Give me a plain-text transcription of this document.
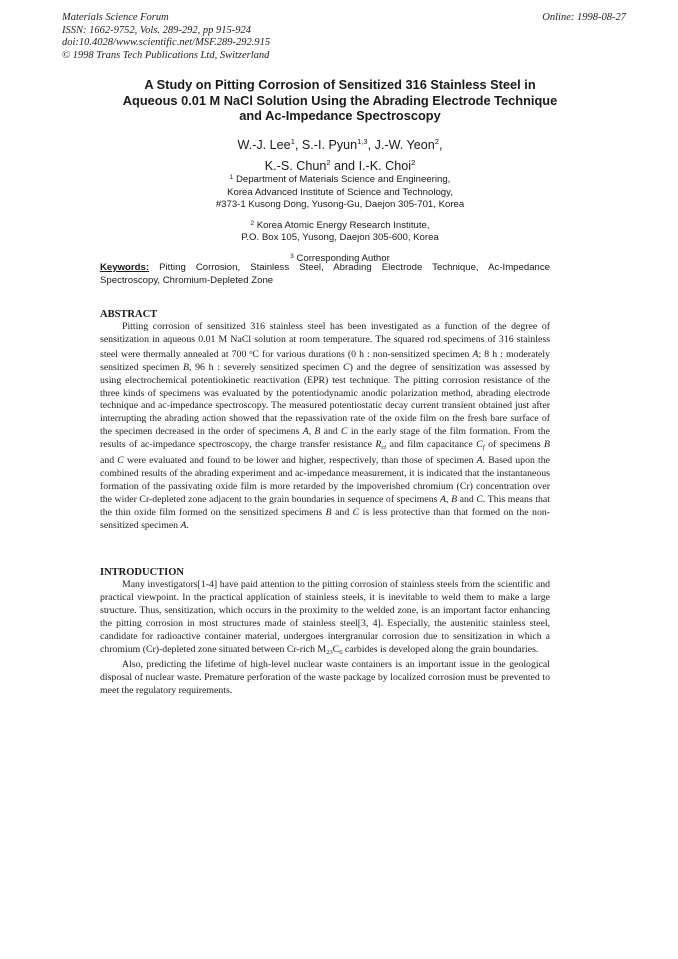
Materials Science Forum
ISSN: 1662-9752, Vols. 289-292, pp 915-924
doi:10.4028/www.scientific.net/MSF.289-292.915
© 1998 Trans Tech Publications Ltd, Switzerland
Online: 1998-08-27
A Study on Pitting Corrosion of Sensitized 316 Stainless Steel in
Aqueous 0.01 M NaCl Solution Using the Abrading Electrode Technique
and Ac-Impedance Spectroscopy
W.-J. Lee$^1$, S.-I. Pyun$^{1,3}$, J.-W. Yeon$^2$,
K.-S. Chun$^2$ and I.-K. Choi$^2$
$^1$ Department of Materials Science and Engineering,
Korea Advanced Institute of Science and Technology,
#373-1 Kusong Dong, Yusong-Gu, Daejon 305-701, Korea
$^2$ Korea Atomic Energy Research Institute,
P.O. Box 105, Yusong, Daejon 305-600, Korea
$^3$ Corresponding Author
Keywords: Pitting Corrosion, Stainless Steel, Abrading Electrode Technique, Ac-Impedance Spectroscopy, Chromium-Depleted Zone
ABSTRACT

Pitting corrosion of sensitized 316 stainless steel has been investigated as a function of the degree of sensitization in aqueous 0.01 M NaCl solution at room temperature. The squared rod specimens of 316 stainless steel were thermally annealed at 700 $^o$C for various durations (0 h : non-sensitized specimen A; 8 h : moderately sensitized specimen B, 96 h : severely sensitized specimen C) and the degree of sensitization was assessed by using electrochemical potentiokinetic reactivation (EPR) test technique. The pitting corrosion resistance of the three kinds of specimens was evaluated by the potentiodynamic anodic polarization method, abrading electrode technique and ac-impedance spectroscopy. The measured potentiostatic decay current transient obtained just after interrupting the abrading action showed that the repassivation rate of the oxide film on the fresh bare surface of the specimen decreased in the order of specimens A, B and C in the early stage of the film formation. From the results of ac-impedance spectroscopy, the charge transfer resistance $R_{ct}$ and film capacitance $C_f$ of specimens B and C were evaluated and found to be lower and higher, respectively, than those of specimen A. Based upon the combined results of the abrading experiment and ac-impedance measurement, it is indicated that the instantaneous formation of the passivating oxide film is more retarded by the impoverished chromium (Cr) concentration over the wider Cr-depleted zone adjacent to the grain boundaries in sequence of specimens A, B and C. This means that the thin oxide film formed on the sensitized specimens B and C is less protective than that formed on the non-sensitized specimen A.

INTRODUCTION

Many investigators[1-4] have paid attention to the pitting corrosion of stainless steels from the scientific and practical viewpoint. In the practical application of stainless steels, it is inevitable to weld them to make a large structure. Thus, sensitization, which occurs in the proximity to the welded zone, is an important factor enhancing the pitting corrosion in most structures made of stainless steel[3, 4]. Especially, the austenitic stainless steel, candidate for radioactive container material, undergoes intergranular corrosion due to sensitization in which a chromium (Cr)-depleted zone situated between Cr-rich $M_{23}C_6$ carbides is developed along the grain boundaries.

Also, predicting the lifetime of high-level nuclear waste containers is an important issue in the geological disposal of nuclear waste. Premature perforation of the waste package by localized corrosion must be prevented to meet the regulatory requirements.
